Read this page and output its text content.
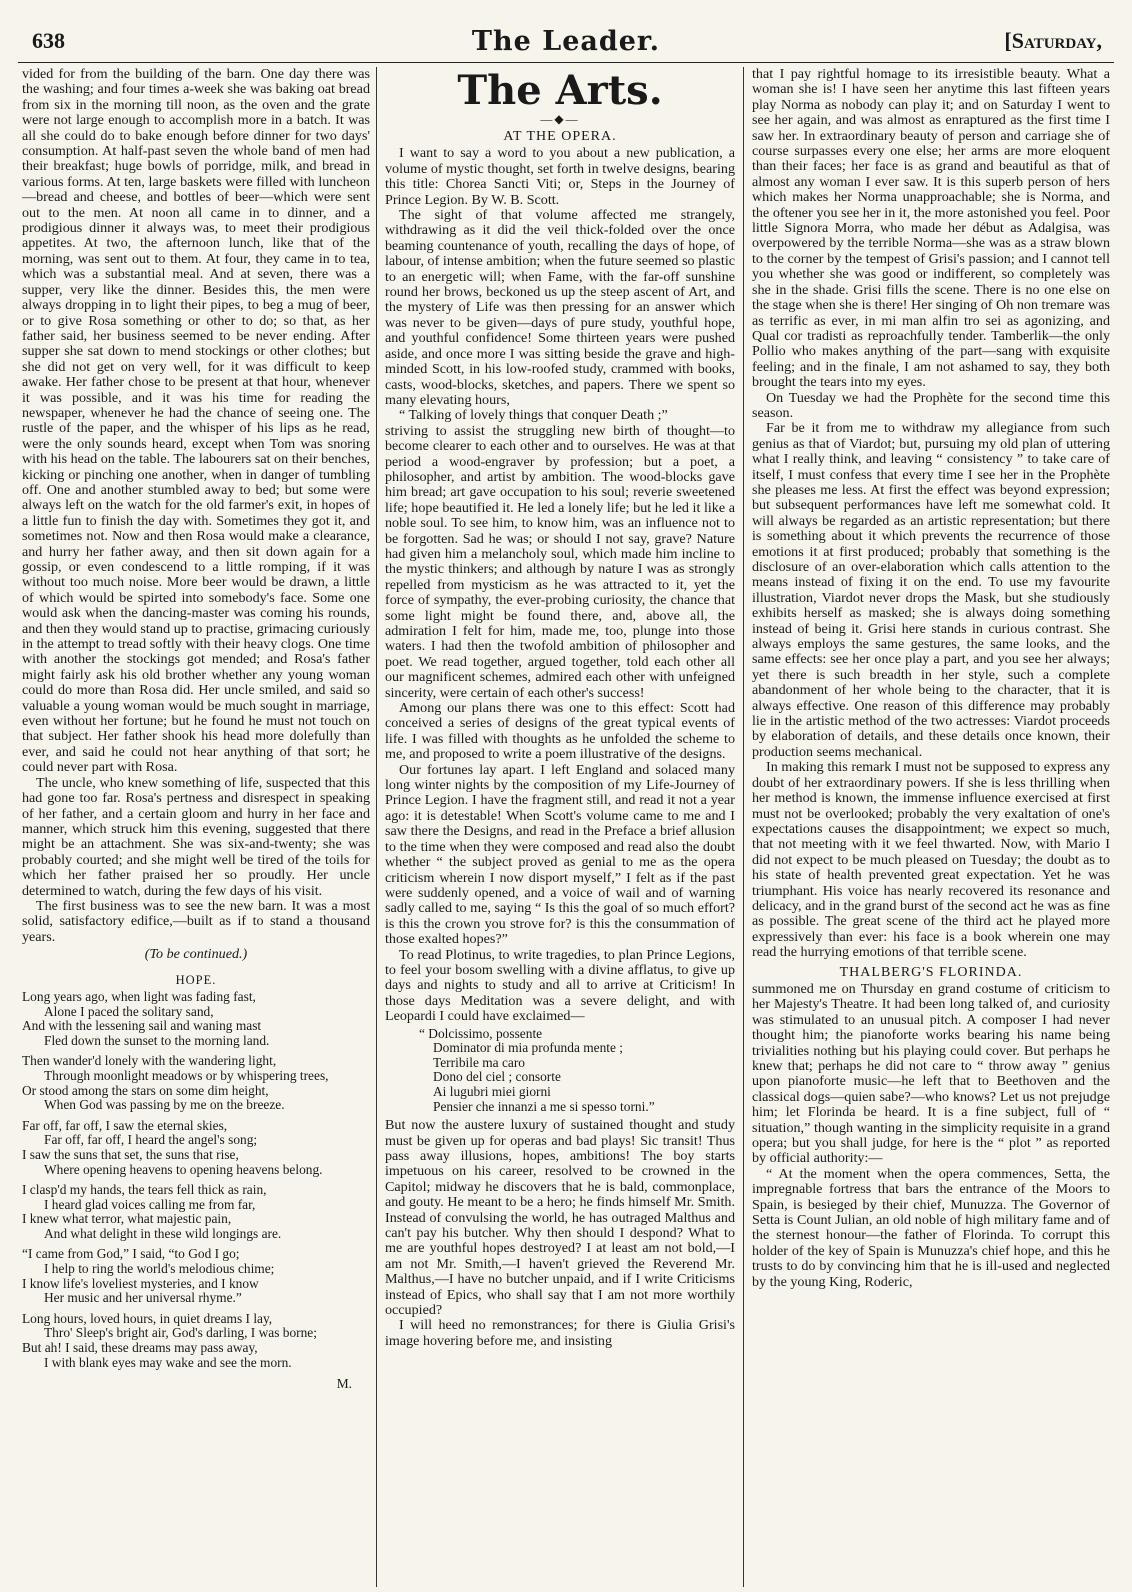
638	The Leader.	[Saturday,

vided for from the building of the barn. One day there was the washing; and four times a-week she was baking oat bread from six in the morning till noon, as the oven and the grate were not large enough to accomplish more in a batch. It was all she could do to bake enough before dinner for two days' consumption. At half-past seven the whole band of men had their breakfast; huge bowls of porridge, milk, and bread in various forms. At ten, large baskets were filled with luncheon—bread and cheese, and bottles of beer—which were sent out to the men. At noon all came in to dinner, and a prodigious dinner it always was, to meet their prodigious appetites. At two, the afternoon lunch, like that of the morning, was sent out to them. At four, they came in to tea, which was a substantial meal. And at seven, there was a supper, very like the dinner. Besides this, the men were always dropping in to light their pipes, to beg a mug of beer, or to give Rosa something or other to do; so that, as her father said, her business seemed to be never ending. After supper she sat down to mend stockings or other clothes; but she did not get on very well, for it was difficult to keep awake. Her father chose to be present at that hour, whenever it was possible, and it was his time for reading the newspaper, whenever he had the chance of seeing one. The rustle of the paper, and the whisper of his lips as he read, were the only sounds heard, except when Tom was snoring with his head on the table. The labourers sat on their benches, kicking or pinching one another, when in danger of tumbling off. One and another stumbled away to bed; but some were always left on the watch for the old farmer's exit, in hopes of a little fun to finish the day with. Sometimes they got it, and sometimes not. Now and then Rosa would make a clearance, and hurry her father away, and then sit down again for a gossip, or even condescend to a little romping, if it was without too much noise. More beer would be drawn, a little of which would be spirted into somebody's face. Some one would ask when the dancing-master was coming his rounds, and then they would stand up to practise, grimacing curiously in the attempt to tread softly with their heavy clogs. One time with another the stockings got mended; and Rosa's father might fairly ask his old brother whether any young woman could do more than Rosa did. Her uncle smiled, and said so valuable a young woman would be much sought in marriage, even without her fortune; but he found he must not touch on that subject. Her father shook his head more dolefully than ever, and said he could not hear anything of that sort; he could never part with Rosa.

The uncle, who knew something of life, suspected that this had gone too far. Rosa's pertness and disrespect in speaking of her father, and a certain gloom and hurry in her face and manner, which struck him this evening, suggested that there might be an attachment. She was six-and-twenty; she was probably courted; and she might well be tired of the toils for which her father praised her so proudly. Her uncle determined to watch, during the few days of his visit.

The first business was to see the new barn. It was a most solid, satisfactory edifice,—built as if to stand a thousand years.

(To be continued.)
HOPE.
Long years ago, when light was fading fast,
Alone I paced the solitary sand,
And with the lessening sail and waning mast
Fled down the sunset to the morning land.
Then wander'd lonely with the wandering light,
Through moonlight meadows or by whispering trees,
Or stood among the stars on some dim height,
When God was passing by me on the breeze.
Far off, far off, I saw the eternal skies,
Far off, far off, I heard the angel's song;
I saw the suns that set, the suns that rise,
Where opening heavens to opening heavens belong.
I clasp'd my hands, the tears fell thick as rain,
I heard glad voices calling me from far,
I knew what terror, what majestic pain,
And what delight in these wild longings are.
“I came from God,” I said, “to God I go;
I help to ring the world's melodious chime;
I know life's loveliest mysteries, and I know
Her music and her universal rhyme.”
Long hours, loved hours, in quiet dreams I lay,
Thro' Sleep's bright air, God's darling, I was borne;
But ah! I said, these dreams may pass away,
I with blank eyes may wake and see the morn.
M.
The Arts.
—◆—
AT THE OPERA.

I want to say a word to you about a new publication, a volume of mystic thought, set forth in twelve designs, bearing this title: Chorea Sancti Viti; or, Steps in the Journey of Prince Legion. By W. B. Scott.

The sight of that volume affected me strangely, withdrawing as it did the veil thick-folded over the once beaming countenance of youth, recalling the days of hope, of labour, of intense ambition; when the future seemed so plastic to an energetic will; when Fame, with the far-off sunshine round her brows, beckoned us up the steep ascent of Art, and the mystery of Life was then pressing for an answer which was never to be given—days of pure study, youthful hope, and youthful confidence! Some thirteen years were pushed aside, and once more I was sitting beside the grave and high-minded Scott, in his low-roofed study, crammed with books, casts, wood-blocks, sketches, and papers. There we spent so many elevating hours,

“ Talking of lovely things that conquer Death ;”

striving to assist the struggling new birth of thought—to become clearer to each other and to ourselves. He was at that period a wood-engraver by profession; but a poet, a philosopher, and artist by ambition. The wood-blocks gave him bread; art gave occupation to his soul; reverie sweetened life; hope beautified it. He led a lonely life; but he led it like a noble soul. To see him, to know him, was an influence not to be forgotten. Sad he was; or should I not say, grave? Nature had given him a melancholy soul, which made him incline to the mystic thinkers; and although by nature I was as strongly repelled from mysticism as he was attracted to it, yet the force of sympathy, the ever-probing curiosity, the chance that some light might be found there, and, above all, the admiration I felt for him, made me, too, plunge into those waters. I had then the twofold ambition of philosopher and poet. We read together, argued together, told each other all our magnificent schemes, admired each other with unfeigned sincerity, were certain of each other's success!

Among our plans there was one to this effect: Scott had conceived a series of designs of the great typical events of life. I was filled with thoughts as he unfolded the scheme to me, and proposed to write a poem illustrative of the designs.

Our fortunes lay apart. I left England and solaced many long winter nights by the composition of my Life-Journey of Prince Legion. I have the fragment still, and read it not a year ago: it is detestable! When Scott's volume came to me and I saw there the Designs, and read in the Preface a brief allusion to the time when they were composed and read also the doubt whether “ the subject proved as genial to me as the opera criticism wherein I now disport myself,” I felt as if the past were suddenly opened, and a voice of wail and of warning sadly called to me, saying “ Is this the goal of so much effort? is this the crown you strove for? is this the consummation of those exalted hopes?”

To read Plotinus, to write tragedies, to plan Prince Legions, to feel your bosom swelling with a divine afflatus, to give up days and nights to study and all to arrive at Criticism! In those days Meditation was a severe delight, and with Leopardi I could have exclaimed—

“ Dolcissimo, possente
Dominator di mia profunda mente ;
Terribile ma caro
Dono del ciel ; consorte
Ai lugubri miei giorni
Pensier che innanzi a me si spesso torni.”

But now the austere luxury of sustained thought and study must be given up for operas and bad plays! Sic transit! Thus pass away illusions, hopes, ambitions! The boy starts impetuous on his career, resolved to be crowned in the Capitol; midway he discovers that he is bald, commonplace, and gouty. He meant to be a hero; he finds himself Mr. Smith. Instead of convulsing the world, he has outraged Malthus and can't pay his butcher. Why then should I despond? What to me are youthful hopes destroyed? I at least am not bold,—I am not Mr. Smith,—I haven't grieved the Reverend Mr. Malthus,—I have no butcher unpaid, and if I write Criticisms instead of Epics, who shall say that I am not more worthily occupied?

I will heed no remonstrances; for there is Giulia Grisi's image hovering before me, and insisting

that I pay rightful homage to its irresistible beauty. What a woman she is! I have seen her anytime this last fifteen years play Norma as nobody can play it; and on Saturday I went to see her again, and was almost as enraptured as the first time I saw her. In extraordinary beauty of person and carriage she of course surpasses every one else; her arms are more eloquent than their faces; her face is as grand and beautiful as that of almost any woman I ever saw. It is this superb person of hers which makes her Norma unapproachable; she is Norma, and the oftener you see her in it, the more astonished you feel. Poor little Signora Morra, who made her début as Adalgisa, was overpowered by the terrible Norma—she was as a straw blown to the corner by the tempest of Grisi's passion; and I cannot tell you whether she was good or indifferent, so completely was she in the shade. Grisi fills the scene. There is no one else on the stage when she is there! Her singing of Oh non tremare was as terrific as ever, in mi man alfin tro sei as agonizing, and Qual cor tradisti as reproachfully tender. Tamberlik—the only Pollio who makes anything of the part—sang with exquisite feeling; and in the finale, I am not ashamed to say, they both brought the tears into my eyes.

On Tuesday we had the Prophète for the second time this season.

Far be it from me to withdraw my allegiance from such genius as that of Viardot; but, pursuing my old plan of uttering what I really think, and leaving “ consistency ” to take care of itself, I must confess that every time I see her in the Prophète she pleases me less. At first the effect was beyond expression; but subsequent performances have left me somewhat cold. It will always be regarded as an artistic representation; but there is something about it which prevents the recurrence of those emotions it at first produced; probably that something is the disclosure of an over-elaboration which calls attention to the means instead of fixing it on the end. To use my favourite illustration, Viardot never drops the Mask, but she studiously exhibits herself as masked; she is always doing something instead of being it. Grisi here stands in curious contrast. She always employs the same gestures, the same looks, and the same effects: see her once play a part, and you see her always; yet there is such breadth in her style, such a complete abandonment of her whole being to the character, that it is always effective. One reason of this difference may probably lie in the artistic method of the two actresses: Viardot proceeds by elaboration of details, and these details once known, their production seems mechanical.

In making this remark I must not be supposed to express any doubt of her extraordinary powers. If she is less thrilling when her method is known, the immense influence exercised at first must not be overlooked; probably the very exaltation of one's expectations causes the disappointment; we expect so much, that not meeting with it we feel thwarted. Now, with Mario I did not expect to be much pleased on Tuesday; the doubt as to his state of health prevented great expectation. Yet he was triumphant. His voice has nearly recovered its resonance and delicacy, and in the grand burst of the second act he was as fine as possible. The great scene of the third act he played more expressively than ever: his face is a book wherein one may read the hurrying emotions of that terrible scene.

THALBERG'S FLORINDA.

summoned me on Thursday en grand costume of criticism to her Majesty's Theatre. It had been long talked of, and curiosity was stimulated to an unusual pitch. A composer I had never thought him; the pianoforte works bearing his name being trivialities nothing but his playing could cover. But perhaps he knew that; perhaps he did not care to “ throw away ” genius upon pianoforte music—he left that to Beethoven and the classical dogs—quien sabe?—who knows? Let us not prejudge him; let Florinda be heard. It is a fine subject, full of “ situation,” though wanting in the simplicity requisite in a grand opera; but you shall judge, for here is the “ plot ” as reported by official authority:—

“ At the moment when the opera commences, Setta, the impregnable fortress that bars the entrance of the Moors to Spain, is besieged by their chief, Munuzza. The Governor of Setta is Count Julian, an old noble of high military fame and of the sternest honour—the father of Florinda. To corrupt this holder of the key of Spain is Munuzza's chief hope, and this he trusts to do by convincing him that he is ill-used and neglected by the young King, Roderic,
